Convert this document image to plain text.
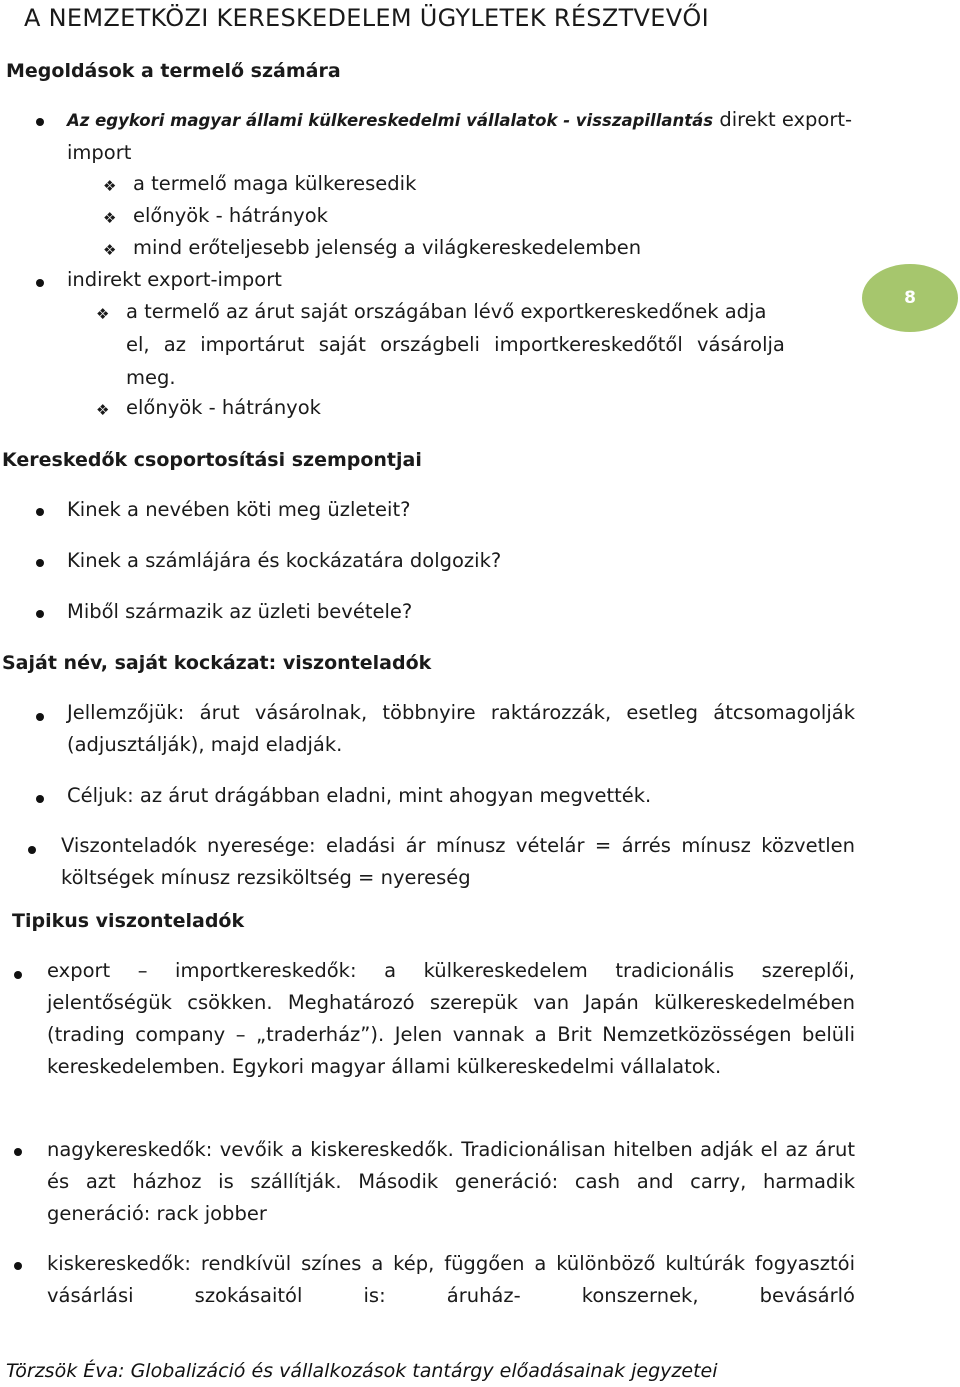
A NEMZETKÖZI KERESKEDELEM ÜGYLETEK RÉSZTVEVŐI
Megoldások a termelő számára
Az egykori magyar állami külkereskedelmi vállalatok - visszapillantás direkt export-
import
❖ a termelő maga külkeresedik
❖ előnyök - hátrányok
❖ mind erőteljesebb jelenség a világkereskedelemben
indirekt export-import
❖ a termelő az árut saját országában lévő exportkereskedőnek adja
el, az importárut saját országbeli importkereskedőtől vásárolja
meg.
❖ előnyök - hátrányok
8
Kereskedők csoportosítási szempontjai
Kinek a nevében köti meg üzleteit?
Kinek a számlájára és kockázatára dolgozik?
Miből származik az üzleti bevétele?
Saját név, saját kockázat: viszonteladók
Jellemzőjük: árut vásárolnak, többnyire raktározzák, esetleg átcsomagolják (adjusztálják), majd eladják.
Céljuk: az árut drágábban eladni, mint ahogyan megvették.
Viszonteladók nyeresége: eladási ár mínusz vételár = árrés mínusz közvetlen költségek mínusz rezsiköltség = nyereség
Tipikus viszonteladók
export – importkereskedők: a külkereskedelem tradicionális szereplői, jelentőségük csökken. Meghatározó szerepük van Japán külkereskedelmében (trading company – „traderház”). Jelen vannak a Brit Nemzetközösségen belüli kereskedelemben. Egykori magyar állami külkereskedelmi vállalatok.
nagykereskedők: vevőik a kiskereskedők. Tradicionálisan hitelben adják el az árut és azt házhoz is szállítják. Második generáció: cash and carry, harmadik generáció: rack jobber
kiskereskedők: rendkívül színes a kép, függően a különböző kultúrák fogyasztói vásárlási szokásaitól is: áruház- konszernek, bevásárló
Törzsök Éva: Globalizáció és vállalkozások tantárgy előadásainak jegyzetei
